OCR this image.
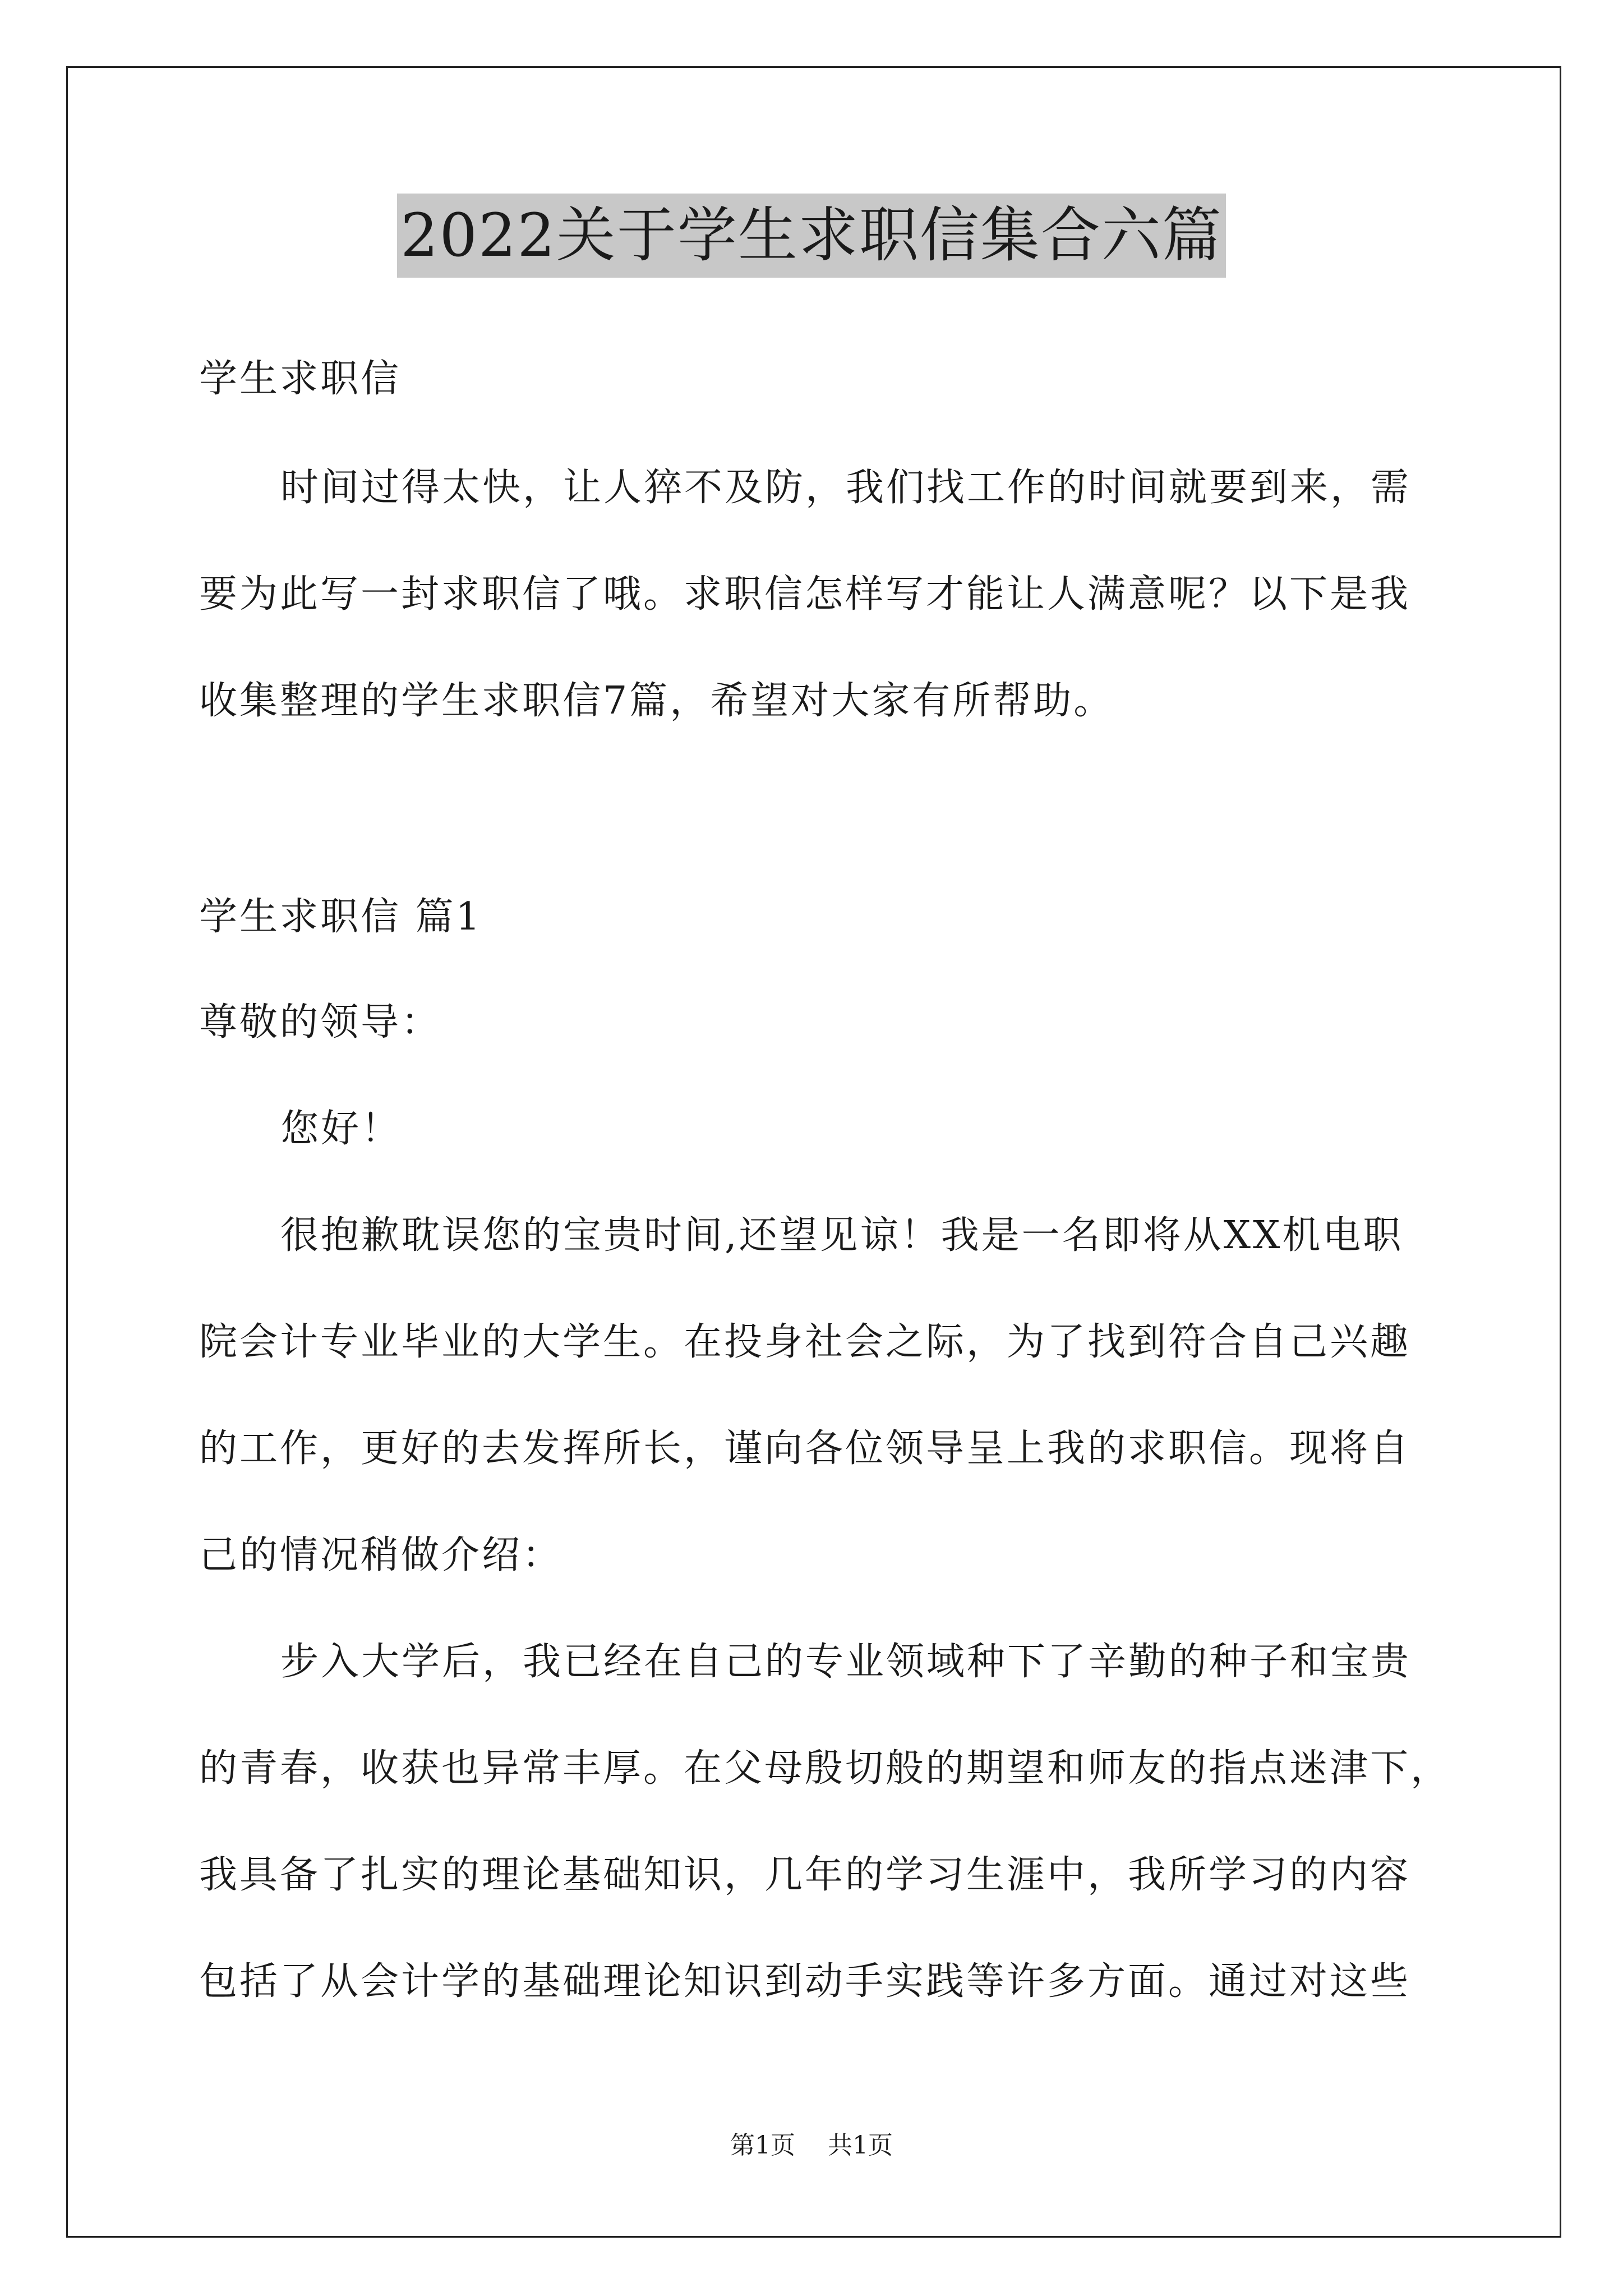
2022关于学生求职信集合六篇
学生求职信
时间过得太快，让人猝不及防，我们找工作的时间就要到来，需
要为此写一封求职信了哦。求职信怎样写才能让人满意呢？以下是我
收集整理的学生求职信7篇，希望对大家有所帮助。
学生求职信 篇1
尊敬的领导：
您好！
很抱歉耽误您的宝贵时间,还望见谅！我是一名即将从XX机电职
院会计专业毕业的大学生。在投身社会之际，为了找到符合自己兴趣
的工作，更好的去发挥所长，谨向各位领导呈上我的求职信。现将自
己的情况稍做介绍：
步入大学后，我已经在自己的专业领域种下了辛勤的种子和宝贵
的青春，收获也异常丰厚。在父母殷切般的期望和师友的指点迷津下，
我具备了扎实的理论基础知识，几年的学习生涯中，我所学习的内容
包括了从会计学的基础理论知识到动手实践等许多方面。通过对这些
第1页 共1页
